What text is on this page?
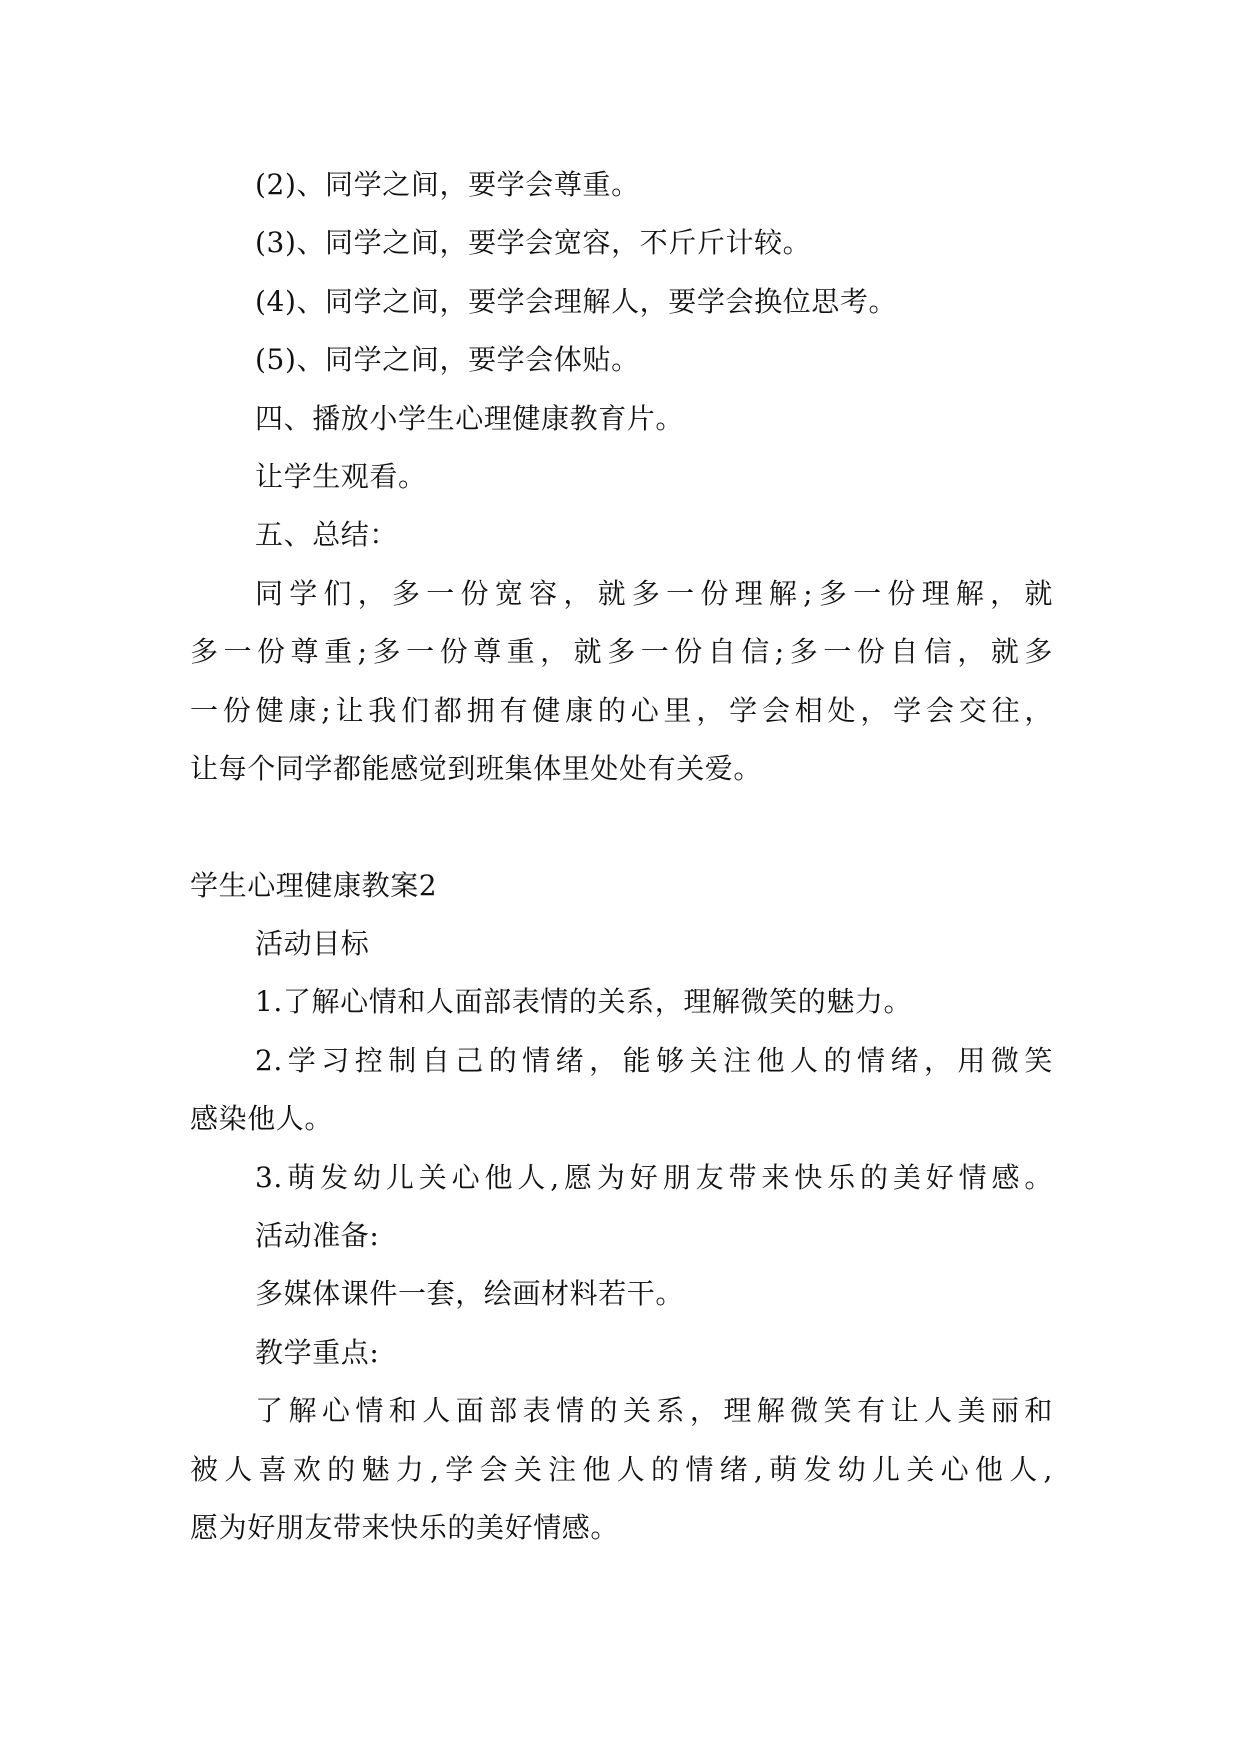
(2)、同学之间，要学会尊重。
(3)、同学之间，要学会宽容，不斤斤计较。
(4)、同学之间，要学会理解人，要学会换位思考。
(5)、同学之间，要学会体贴。
四、播放小学生心理健康教育片。
让学生观看。
五、总结：
同学们，多一份宽容，就多一份理解;多一份理解，就
多一份尊重;多一份尊重，就多一份自信;多一份自信，就多
一份健康;让我们都拥有健康的心里，学会相处，学会交往，
让每个同学都能感觉到班集体里处处有关爱。
学生心理健康教案2
活动目标
1.了解心情和人面部表情的关系，理解微笑的魅力。
2.学习控制自己的情绪，能够关注他人的情绪，用微笑
感染他人。
3.萌发幼儿关心他人,愿为好朋友带来快乐的美好情感。
活动准备:
多媒体课件一套，绘画材料若干。
教学重点:
了解心情和人面部表情的关系，理解微笑有让人美丽和
被人喜欢的魅力,学会关注他人的情绪,萌发幼儿关心他人,
愿为好朋友带来快乐的美好情感。
